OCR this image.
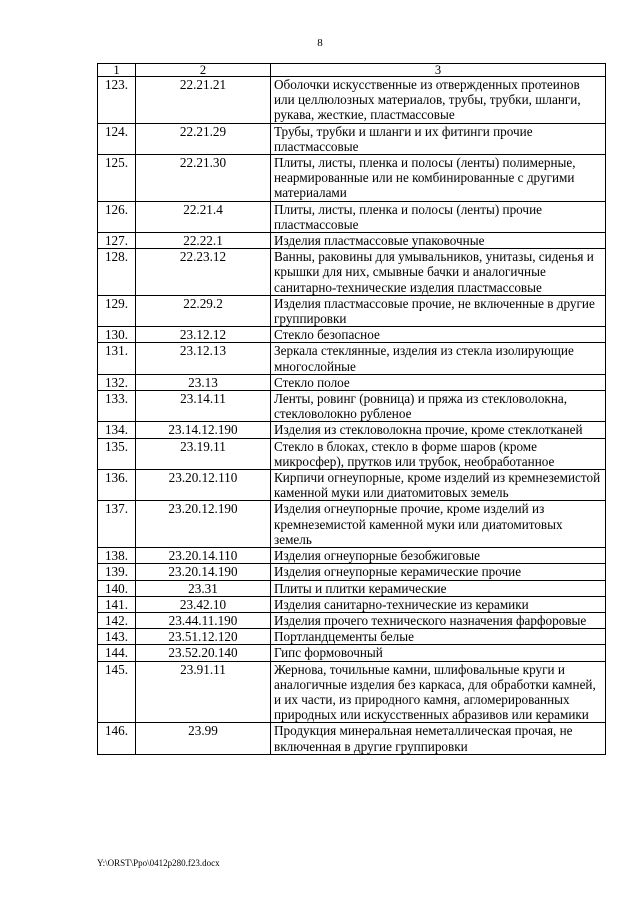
8
1	2	3
123.	22.21.21	Оболочки искусственные из отвержденных протеинов или целлюлозных материалов, трубы, трубки, шланги, рукава, жесткие, пластмассовые
124.	22.21.29	Трубы, трубки и шланги и их фитинги прочие пластмассовые
125.	22.21.30	Плиты, листы, пленка и полосы (ленты) полимерные, неармированные или не комбинированные с другими материалами
126.	22.21.4	Плиты, листы, пленка и полосы (ленты) прочие пластмассовые
127.	22.22.1	Изделия пластмассовые упаковочные
128.	22.23.12	Ванны, раковины для умывальников, унитазы, сиденья и крышки для них, смывные бачки и аналогичные санитарно-технические изделия пластмассовые
129.	22.29.2	Изделия пластмассовые прочие, не включенные в другие группировки
130.	23.12.12	Стекло безопасное
131.	23.12.13	Зеркала стеклянные, изделия из стекла изолирующие многослойные
132.	23.13	Стекло полое
133.	23.14.11	Ленты, ровинг (ровница) и пряжа из стекловолокна, стекловолокно рубленое
134.	23.14.12.190	Изделия из стекловолокна прочие, кроме стеклотканей
135.	23.19.11	Стекло в блоках, стекло в форме шаров (кроме микросфер), прутков или трубок, необработанное
136.	23.20.12.110	Кирпичи огнеупорные, кроме изделий из кремнеземистой каменной муки или диатомитовых земель
137.	23.20.12.190	Изделия огнеупорные прочие, кроме изделий из кремнеземистой каменной муки или диатомитовых земель
138.	23.20.14.110	Изделия огнеупорные безобжиговые
139.	23.20.14.190	Изделия огнеупорные керамические прочие
140.	23.31	Плиты и плитки керамические
141.	23.42.10	Изделия санитарно-технические из керамики
142.	23.44.11.190	Изделия прочего технического назначения фарфоровые
143.	23.51.12.120	Портландцементы белые
144.	23.52.20.140	Гипс формовочный
145.	23.91.11	Жернова, точильные камни, шлифовальные круги и аналогичные изделия без каркаса, для обработки камней, и их части, из природного камня, агломерированных природных или искусственных абразивов или керамики
146.	23.99	Продукция минеральная неметаллическая прочая, не включенная в другие группировки
Y:\ORST\Ppo\0412p280.f23.docx
